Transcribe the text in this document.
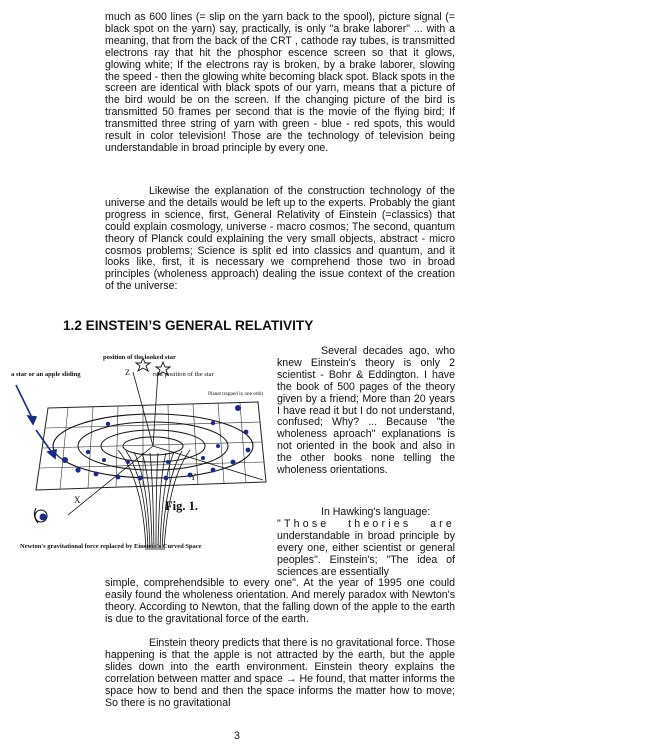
much as 600 lines (= slip on the yarn back to the spool), picture signal (= black spot on the yarn) say, practically, is only "a brake laborer" ... with a meaning, that from the back of the CRT , cathode ray tubes, is transmitted electrons ray that hit the phosphor escence screen so that it glows, glowing white; If the electrons ray is broken, by a brake laborer, slowing the speed - then the glowing white becoming black spot. Black spots in the screen are identical with black spots of our yarn, means that a picture of the bird would be on the screen. If the changing picture of the bird is transmitted 50 frames per second that is the movie of the flying bird; If transmitted three string of yarn with green - blue - red spots, this would result in color television! Those are the technology of television being understandable in broad principle by every one.

Likewise the explanation of the construction technology of the universe and the details would be left up to the experts. Probably the giant progress in science, first, General Relativity of Einstein (=classics) that could explain cosmology, universe - macro cosmos; The second, quantum theory of Planck could explaining the very small objects, abstract - micro cosmos problems; Science is split ed into classics and quantum, and it looks like, first, it is necessary we comprehend those two in broad principles (wholeness approach) dealing the issue context of the creation of the universe:

1.2 EINSTEIN’S GENERAL RELATIVITY
position of the looked star
a star or an apple sliding	real position of the star
Planet trapped in one orbit
Z
Y
X	Fig. 1.
Newton's gravitational force replaced by Einstein's Curved Space

Several decades ago, who knew Einstein's theory is only 2 scientist - Bohr & Eddington. I have the book of 500 pages of the theory given by a friend; More than 20 years I have read it but I do not understand, confused; Why? ... Because "the wholeness aproach" explanations is not oriented in the book and also in the other books none telling the wholeness orientations.

In Hawking's language:

"Those theories are

understandable in broad principle by every one, either scientist or general peoples". Einstein's; "The idea of sciences are essentially

simple, comprehendsible to every one". At the year of 1995 one could easily found the wholeness orientation. And merely paradox with Newton's theory. According to Newton, that the falling down of the apple to the earth is due to the gravitational force of the earth.

Einstein theory predicts that there is no gravitational force. Those happening is that the apple is not attracted by the earth, but the apple slides down into the earth environment. Einstein theory explains the correlation between matter and space → He found, that matter informs the space how to bend and then the space informs the matter how to move; So there is no gravitational

3
